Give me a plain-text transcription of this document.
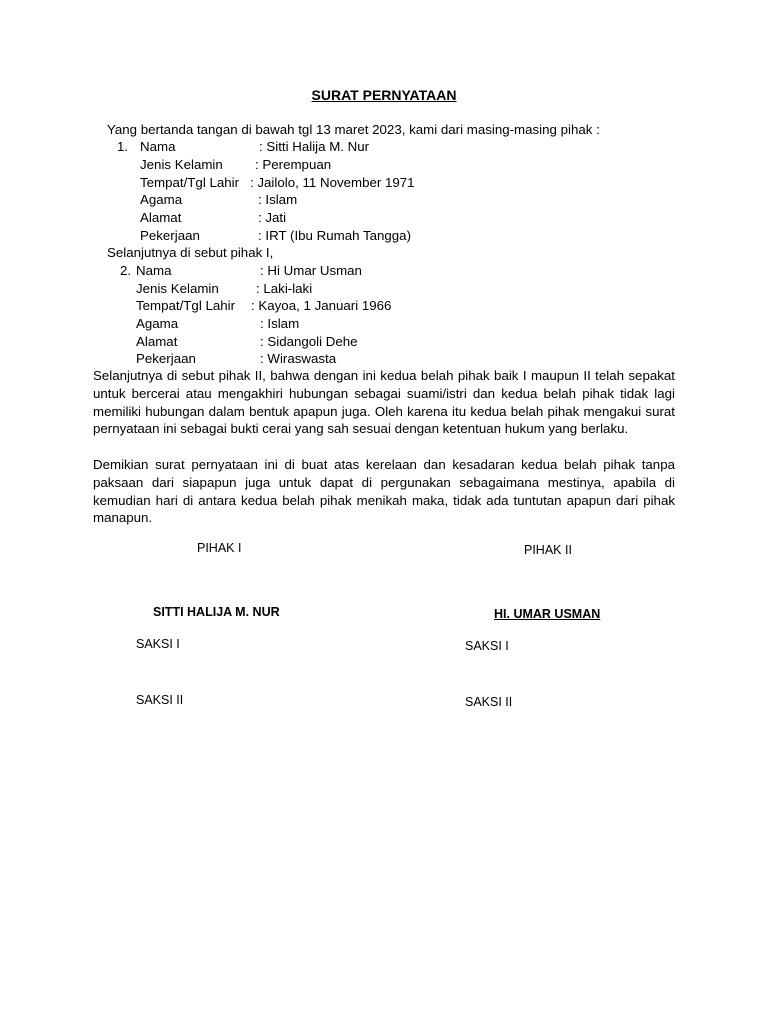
SURAT PERNYATAAN
Yang bertanda tangan di bawah tgl 13 maret 2023, kami dari masing-masing pihak :
1. Nama	: Sitti Halija M. Nur
Jenis Kelamin : Perempuan
Tempat/Tgl Lahir : Jailolo, 11 November 1971
Agama	: Islam
Alamat	: Jati
Pekerjaan	: IRT (Ibu Rumah Tangga)
Selanjutnya di sebut pihak I,
2. Nama	: Hi Umar Usman
Jenis Kelamin	: Laki-laki
Tempat/Tgl Lahir : Kayoa, 1 Januari 1966
Agama	: Islam
Alamat	: Sidangoli Dehe
Pekerjaan	: Wiraswasta
Selanjutnya di sebut pihak II, bahwa dengan ini kedua belah pihak baik I maupun II telah sepakat untuk bercerai atau mengakhiri hubungan sebagai suami/istri dan kedua belah pihak tidak lagi memiliki hubungan dalam bentuk apapun juga. Oleh karena itu kedua belah pihak mengakui surat pernyataan ini sebagai bukti cerai yang sah sesuai dengan ketentuan hukum yang berlaku.
Demikian surat pernyataan ini di buat atas kerelaan dan kesadaran kedua belah pihak tanpa paksaan dari siapapun juga untuk dapat di pergunakan sebagaimana mestinya, apabila di kemudian hari di antara kedua belah pihak menikah maka, tidak ada tuntutan apapun dari pihak manapun.
PIHAK I
SITTI HALIJA M. NUR
SAKSI I
SAKSI II
PIHAK II
HI. UMAR USMAN
SAKSI I
SAKSI II
